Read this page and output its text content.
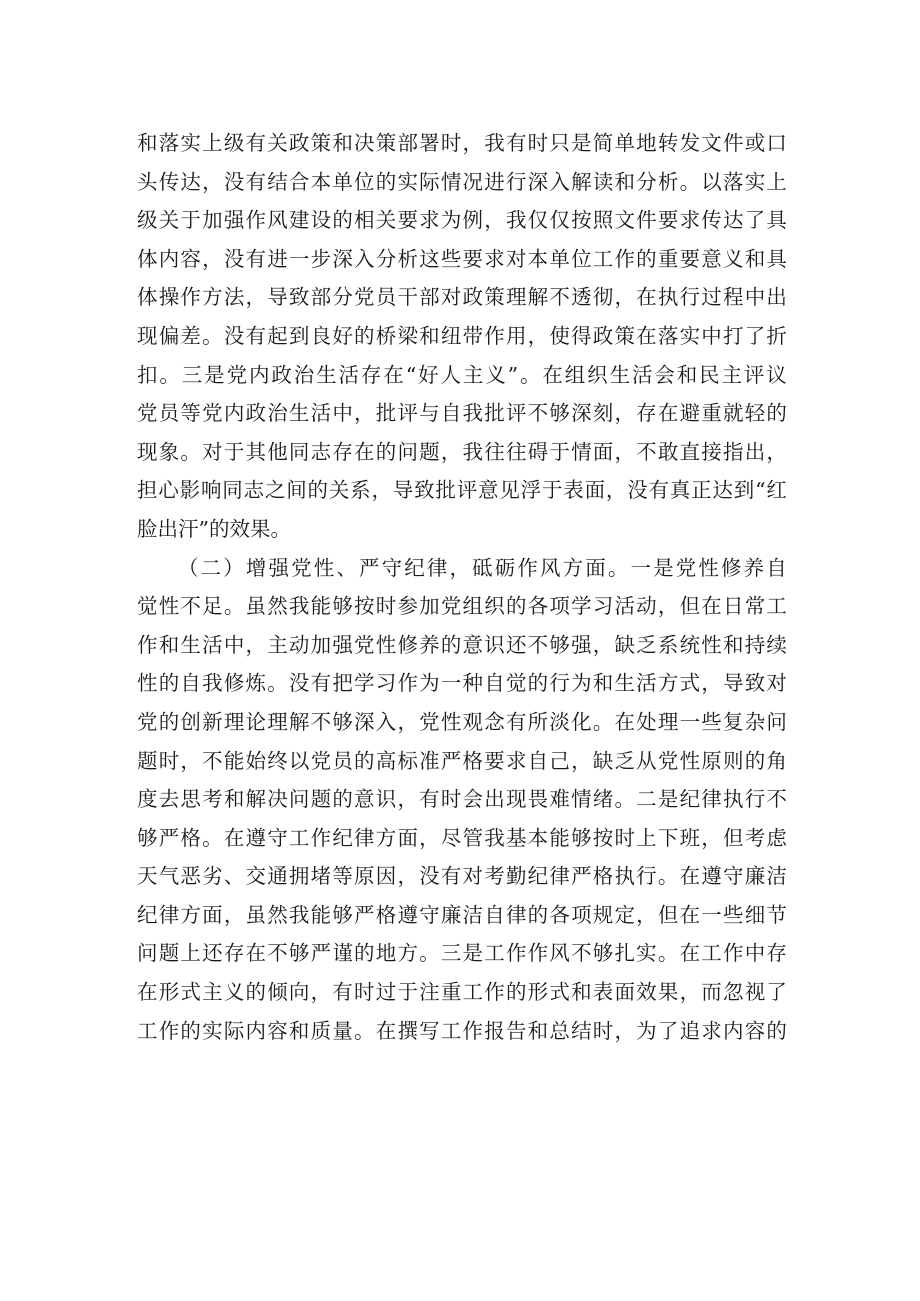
和 落 实 上 级 有 关 政 策 和 决 策 部 署 时 ， 我 有 时 只 是 简 单 地 转 发 文 件 或 口
头 传 达 ， 没 有 结 合 本 单 位 的 实 际 情 况 进 行 深 入 解 读 和 分 析 。 以 落 实 上
级 关 于 加 强 作 风 建 设 的 相 关 要 求 为 例 ， 我 仅 仅 按 照 文 件 要 求 传 达 了 具
体 内 容 ， 没 有 进 一 步 深 入 分 析 这 些 要 求 对 本 单 位 工 作 的 重 要 意 义 和 具
体 操 作 方 法 ， 导 致 部 分 党 员 干 部 对 政 策 理 解 不 透 彻 ， 在 执 行 过 程 中 出
现 偏 差 。 没 有 起 到 良 好 的 桥 梁 和 纽 带 作 用 ， 使 得 政 策 在 落 实 中 打 了 折
扣 。 三 是 党 内 政 治 生 活 存 在 “ 好 人 主 义 ” 。 在 组 织 生 活 会 和 民 主 评 议
党 员 等 党 内 政 治 生 活 中 ， 批 评 与 自 我 批 评 不 够 深 刻 ， 存 在 避 重 就 轻 的
现 象 。 对 于 其 他 同 志 存 在 的 问 题 ， 我 往 往 碍 于 情 面 ， 不 敢 直 接 指 出 ，
担 心 影 响 同 志 之 间 的 关 系 ， 导 致 批 评 意 见 浮 于 表 面 ， 没 有 真 正 达 到 “ 红
脸出汗”的效果。
（ 二 ） 增 强 党 性 、 严 守 纪 律 ， 砥 砺 作 风 方 面 。 一 是 党 性 修 养 自
觉 性 不 足 。 虽 然 我 能 够 按 时 参 加 党 组 织 的 各 项 学 习 活 动 ， 但 在 日 常 工
作 和 生 活 中 ， 主 动 加 强 党 性 修 养 的 意 识 还 不 够 强 ， 缺 乏 系 统 性 和 持 续
性 的 自 我 修 炼 。 没 有 把 学 习 作 为 一 种 自 觉 的 行 为 和 生 活 方 式 ， 导 致 对
党 的 创 新 理 论 理 解 不 够 深 入 ， 党 性 观 念 有 所 淡 化 。 在 处 理 一 些 复 杂 问
题 时 ， 不 能 始 终 以 党 员 的 高 标 准 严 格 要 求 自 己 ， 缺 乏 从 党 性 原 则 的 角
度 去 思 考 和 解 决 问 题 的 意 识 ， 有 时 会 出 现 畏 难 情 绪 。 二 是 纪 律 执 行 不
够 严 格 。 在 遵 守 工 作 纪 律 方 面 ， 尽 管 我 基 本 能 够 按 时 上 下 班 ， 但 考 虑
天 气 恶 劣 、 交 通 拥 堵 等 原 因 ， 没 有 对 考 勤 纪 律 严 格 执 行 。 在 遵 守 廉 洁
纪 律 方 面 ， 虽 然 我 能 够 严 格 遵 守 廉 洁 自 律 的 各 项 规 定 ， 但 在 一 些 细 节
问 题 上 还 存 在 不 够 严 谨 的 地 方 。 三 是 工 作 作 风 不 够 扎 实 。 在 工 作 中 存
在 形 式 主 义 的 倾 向 ， 有 时 过 于 注 重 工 作 的 形 式 和 表 面 效 果 ， 而 忽 视 了
工 作 的 实 际 内 容 和 质 量 。 在 撰 写 工 作 报 告 和 总 结 时 ， 为 了 追 求 内 容 的
